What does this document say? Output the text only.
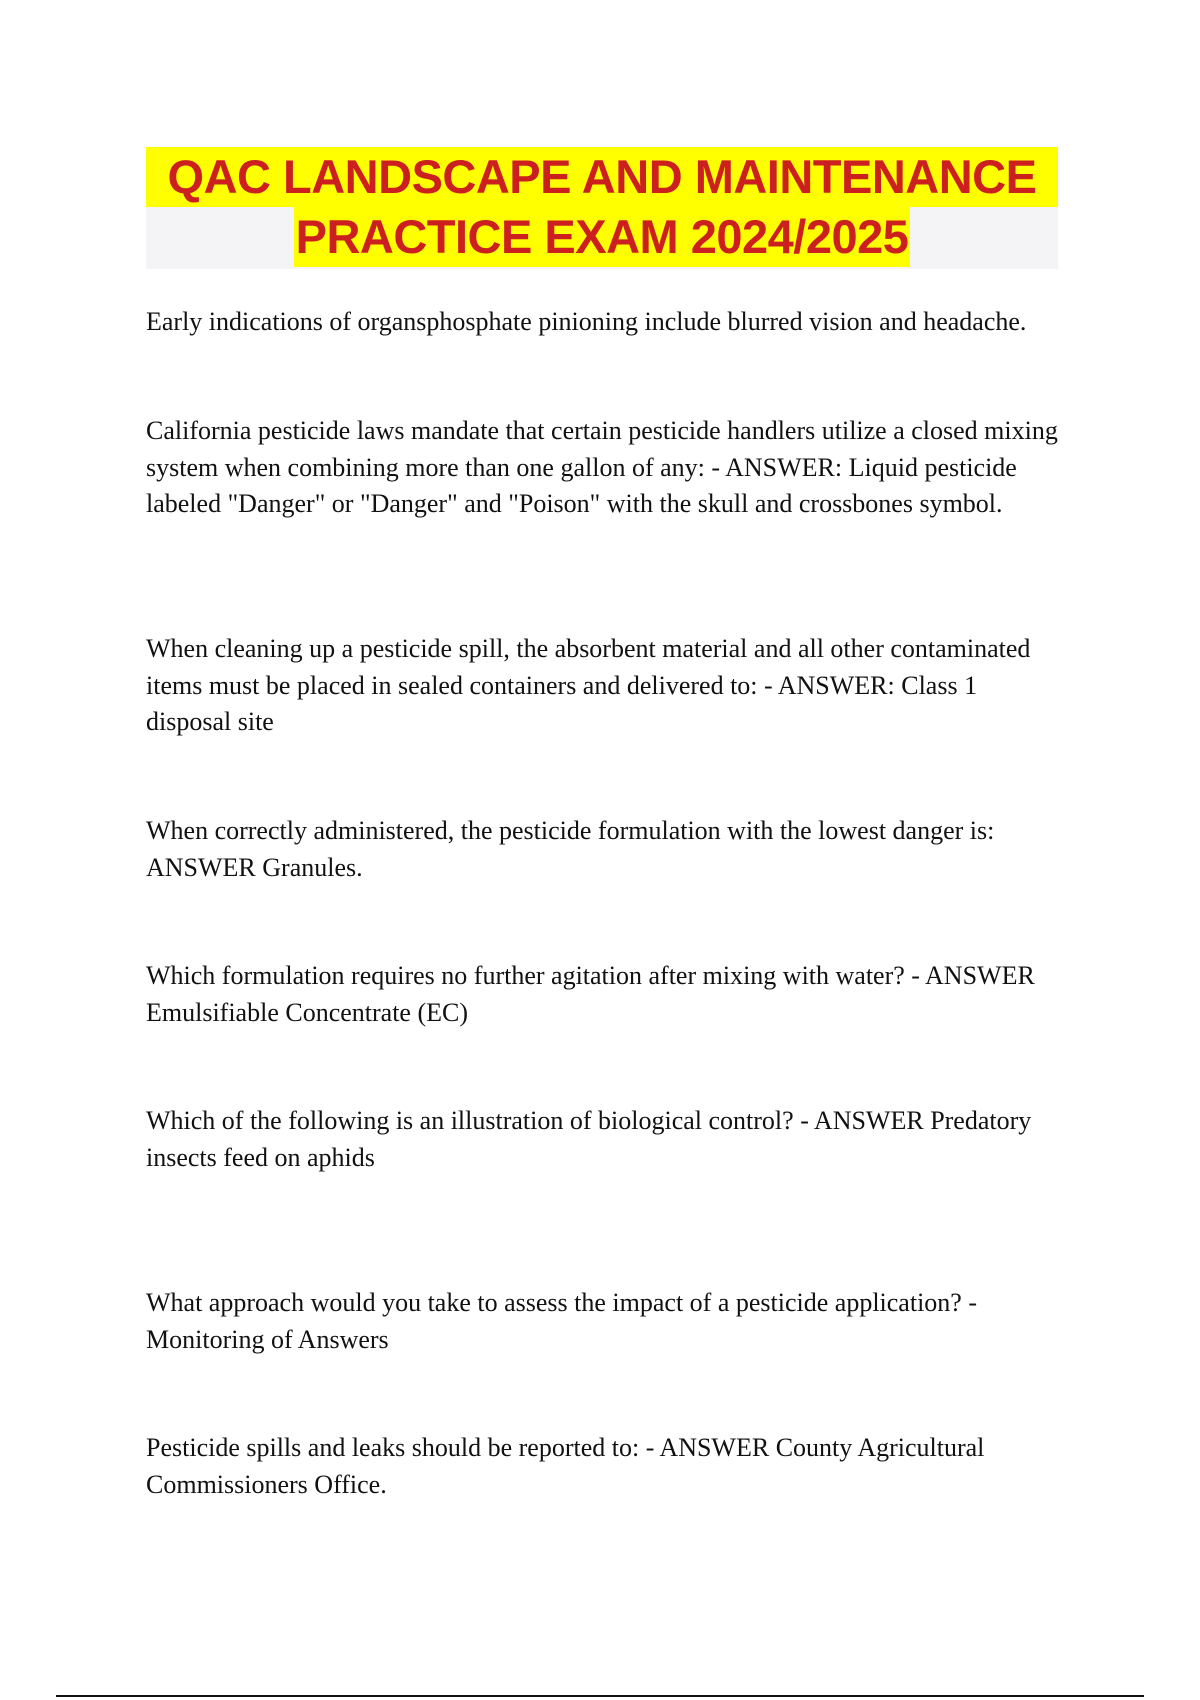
QAC LANDSCAPE AND MAINTENANCE
PRACTICE EXAM 2024/2025

Early indications of organsphosphate pinioning include blurred vision and headache.

California pesticide laws mandate that certain pesticide handlers utilize a closed mixing system when combining more than one gallon of any: - ANSWER: Liquid pesticide labeled "Danger" or "Danger" and "Poison" with the skull and crossbones symbol.

When cleaning up a pesticide spill, the absorbent material and all other contaminated items must be placed in sealed containers and delivered to: - ANSWER: Class 1 disposal site

When correctly administered, the pesticide formulation with the lowest danger is: ANSWER Granules.

Which formulation requires no further agitation after mixing with water? - ANSWER Emulsifiable Concentrate (EC)

Which of the following is an illustration of biological control? - ANSWER Predatory insects feed on aphids

What approach would you take to assess the impact of a pesticide application? - Monitoring of Answers

Pesticide spills and leaks should be reported to: - ANSWER County Agricultural Commissioners Office.
